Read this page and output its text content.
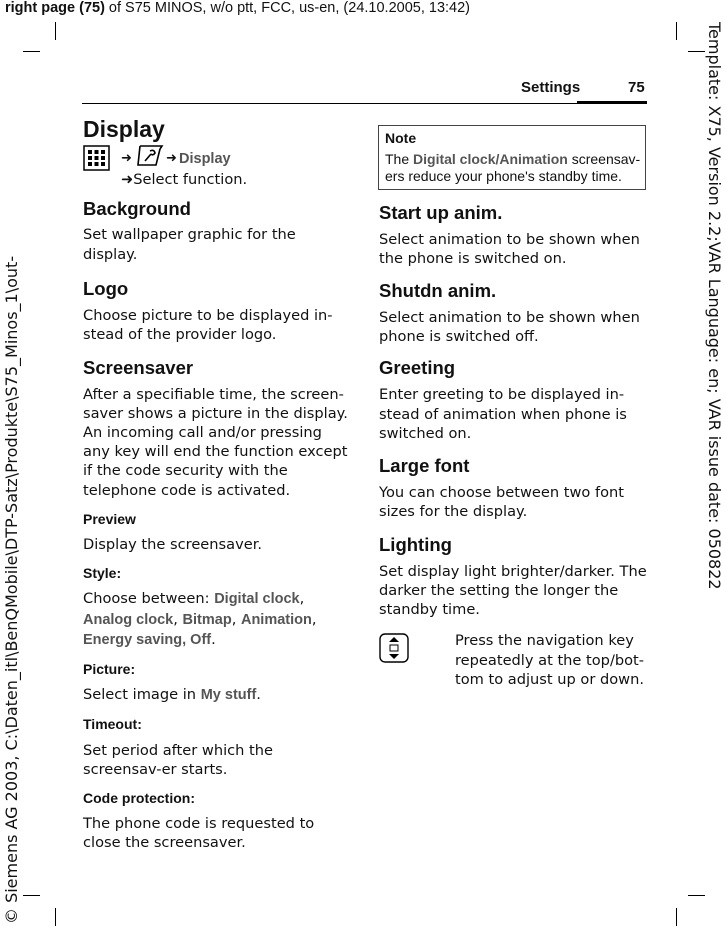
right page (75) of S75 MINOS, w/o ptt, FCC, us-en, (24.10.2005, 13:42)
Template: X75, Version 2.2;VAR Language: en; VAR issue date: 050822
© Siemens AG 2003, C:\Daten_itl\BenQMobile\DTP-Satz\Produkte\S75_Minos_1\out-
Settings	75
Display
➜	➜ Display
➜Select function.
Background

Set wallpaper graphic for the display.

Logo

Choose picture to be displayed in-stead of the provider logo.

Screensaver

After a specifiable time, the screen-saver shows a picture in the display. An incoming call and/or pressing any key will end the function except if the code security with the telephone code is activated.

Preview

Display the screensaver.

Style:

Choose between: Digital clock, Analog clock, Bitmap, Animation, Energy saving, Off.

Picture:

Select image in My stuff.

Timeout:

Set period after which the screensav-er starts.

Code protection:

The phone code is requested to close the screensaver.

Note
The Digital clock/Animation screensav-ers reduce your phone's standby time.
Start up anim.

Select animation to be shown when the phone is switched on.

Shutdn anim.

Select animation to be shown when phone is switched off.

Greeting

Enter greeting to be displayed in-stead of animation when phone is switched on.

Large font

You can choose between two font sizes for the display.

Lighting

Set display light brighter/darker. The darker the setting the longer the standby time.

Press the navigation key repeatedly at the top/bot-tom to adjust up or down.
